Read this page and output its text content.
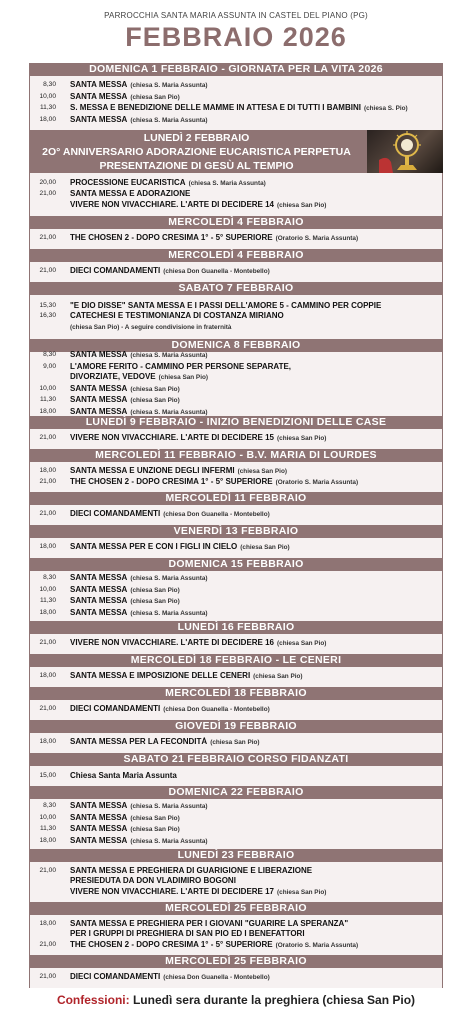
PARROCCHIA SANTA MARIA ASSUNTA IN CASTEL DEL PIANO (PG)
FEBBRAIO 2026
DOMENICA 1 FEBBRAIO - GIORNATA PER LA VITA 2026
8,30	SANTA MESSA (chiesa S. Maria Assunta)
10,00	SANTA MESSA (chiesa San Pio)
11,30	S. MESSA E BENEDIZIONE DELLE MAMME IN ATTESA E DI TUTTI I BAMBINI (chiesa S. Pio)
18,00	SANTA MESSA (chiesa S. Maria Assunta)
LUNEDÌ 2 FEBBRAIO
2O° ANNIVERSARIO ADORAZIONE EUCARISTICA PERPETUA
PRESENTAZIONE DI GESÙ AL TEMPIO
20,00	PROCESSIONE EUCARISTICA (chiesa S. Maria Assunta)
21,00	SANTA MESSA E ADORAZIONE
VIVERE NON VIVACCHIARE. L'ARTE DI DECIDERE 14 (chiesa San Pio)
MERCOLEDÌ 4 FEBBRAIO
21,00	THE CHOSEN 2 - DOPO CRESIMA 1° - 5° SUPERIORE (Oratorio S. Maria Assunta)
MERCOLEDÌ 4 FEBBRAIO
21,00	DIECI COMANDAMENTI (chiesa Don Guanella - Montebello)
SABATO 7 FEBBRAIO
15,30	"E DIO DISSE" SANTA MESSA E I PASSI DELL'AMORE 5 - CAMMINO PER COPPIE
16,30	CATECHESI E TESTIMONIANZA DI COSTANZA MIRIANO
(chiesa San Pio) - A seguire condivisione in fraternità
DOMENICA 8 FEBBRAIO
8,30	SANTA MESSA (chiesa S. Maria Assunta)
9,00	L'AMORE FERITO - CAMMINO PER PERSONE SEPARATE,
DIVORZIATE, VEDOVE (chiesa San Pio)
10,00	SANTA MESSA (chiesa San Pio)
11,30	SANTA MESSA (chiesa San Pio)
18,00	SANTA MESSA (chiesa S. Maria Assunta)
LUNEDÌ 9 FEBBRAIO - INIZIO BENEDIZIONI DELLE CASE
21,00	VIVERE NON VIVACCHIARE. L'ARTE DI DECIDERE 15 (chiesa San Pio)
MERCOLEDÌ 11 FEBBRAIO - B.V. MARIA DI LOURDES
18,00	SANTA MESSA E UNZIONE DEGLI INFERMI (chiesa San Pio)
21,00	THE CHOSEN 2 - DOPO CRESIMA 1° - 5° SUPERIORE (Oratorio S. Maria Assunta)
MERCOLEDÌ 11 FEBBRAIO
21,00	DIECI COMANDAMENTI (chiesa Don Guanella - Montebello)
VENERDÌ 13 FEBBRAIO
18,00	SANTA MESSA PER E CON I FIGLI IN CIELO (chiesa San Pio)
DOMENICA 15 FEBBRAIO
8,30	SANTA MESSA (chiesa S. Maria Assunta)
10,00	SANTA MESSA (chiesa San Pio)
11,30	SANTA MESSA (chiesa San Pio)
18,00	SANTA MESSA (chiesa S. Maria Assunta)
LUNEDÌ 16 FEBBRAIO
21,00	VIVERE NON VIVACCHIARE. L'ARTE DI DECIDERE 16 (chiesa San Pio)
MERCOLEDÌ 18 FEBBRAIO - LE CENERI
18,00	SANTA MESSA E IMPOSIZIONE DELLE CENERI (chiesa San Pio)
MERCOLEDÌ 18 FEBBRAIO
21,00	DIECI COMANDAMENTI (chiesa Don Guanella - Montebello)
GIOVEDÌ 19 FEBBRAIO
18,00	SANTA MESSA PER LA FECONDITÀ (chiesa San Pio)
SABATO 21 FEBBRAIO CORSO FIDANZATI
15,00	Chiesa Santa Maria Assunta
DOMENICA 22 FEBBRAIO
8,30	SANTA MESSA (chiesa S. Maria Assunta)
10,00	SANTA MESSA (chiesa San Pio)
11,30	SANTA MESSA (chiesa San Pio)
18,00	SANTA MESSA (chiesa S. Maria Assunta)
LUNEDÌ 23 FEBBRAIO
21,00	SANTA MESSA E PREGHIERA DI GUARIGIONE E LIBERAZIONE
PRESIEDUTA DA DON VLADIMIRO BOGONI
VIVERE NON VIVACCHIARE. L'ARTE DI DECIDERE 17 (chiesa San Pio)
MERCOLEDÌ 25 FEBBRAIO
18,00	SANTA MESSA E PREGHIERA PER I GIOVANI "GUARIRE LA SPERANZA"
PER I GRUPPI DI PREGHIERA DI SAN PIO ED I BENEFATTORI
21,00	THE CHOSEN 2 - DOPO CRESIMA 1° - 5° SUPERIORE (Oratorio S. Maria Assunta)
MERCOLEDÌ 25 FEBBRAIO
21,00	DIECI COMANDAMENTI (chiesa Don Guanella - Montebello)
Confessioni: Lunedì sera durante la preghiera (chiesa San Pio)
